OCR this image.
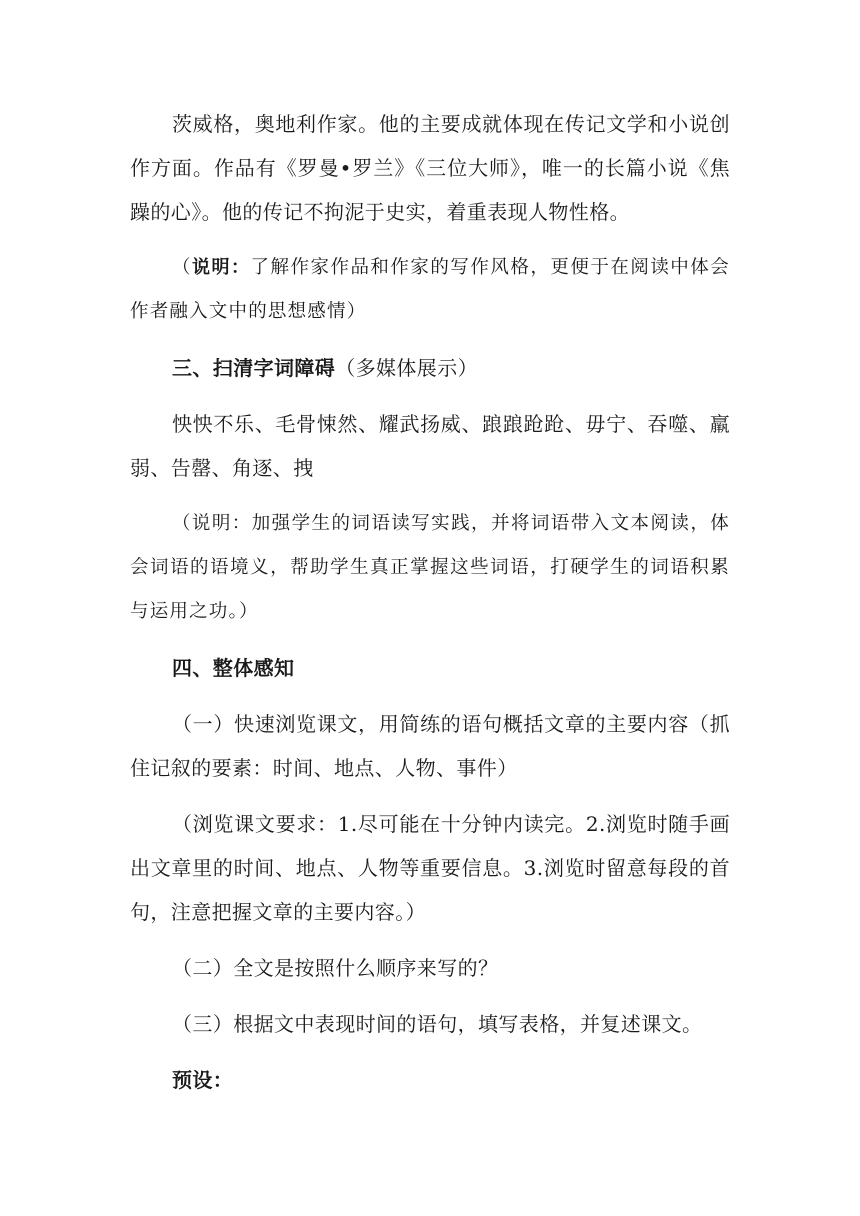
茨威格，奥地利作家。他的主要成就体现在传记文学和小说创作方面。作品有《罗曼•罗兰》《三位大师》，唯一的长篇小说《焦躁的心》。他的传记不拘泥于史实，着重表现人物性格。

（说明：了解作家作品和作家的写作风格，更便于在阅读中体会作者融入文中的思想感情）

三、扫清字词障碍（多媒体展示）

怏怏不乐、毛骨悚然、耀武扬威、踉踉跄跄、毋宁、吞噬、羸弱、告罄、角逐、拽

（说明：加强学生的词语读写实践，并将词语带入文本阅读，体会词语的语境义，帮助学生真正掌握这些词语，打硬学生的词语积累与运用之功。）

四、整体感知

（一）快速浏览课文，用简练的语句概括文章的主要内容（抓住记叙的要素：时间、地点、人物、事件）

（浏览课文要求：1.尽可能在十分钟内读完。2.浏览时随手画出文章里的时间、地点、人物等重要信息。3.浏览时留意每段的首句，注意把握文章的主要内容。）

（二）全文是按照什么顺序来写的？

（三）根据文中表现时间的语句，填写表格，并复述课文。

预设：
